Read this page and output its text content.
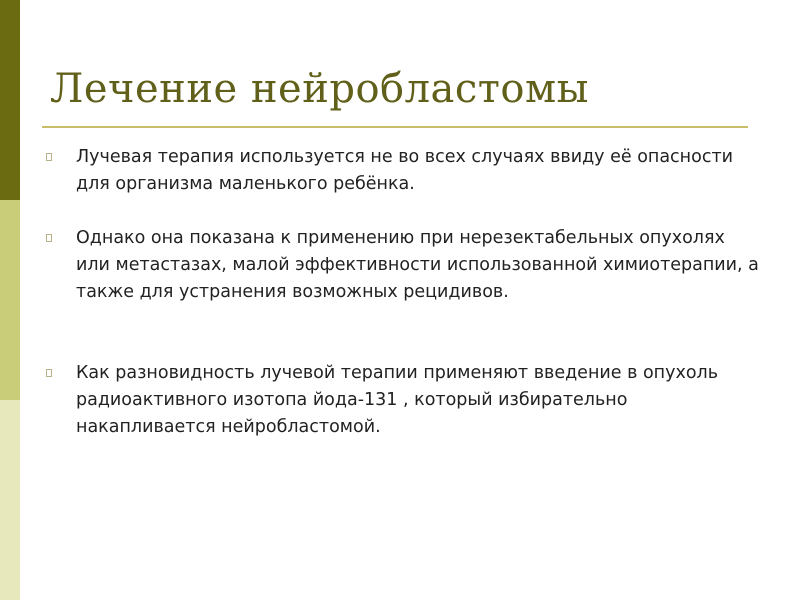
Лечение нейробластомы
Лучевая терапия используется не во всех случаях ввиду её опасности для организма маленького ребёнка.
Однако она показана к применению при нерезектабельных опухолях или метастазах, малой эффективности использованной химиотерапии, а также для устранения возможных рецидивов.
Как разновидность лучевой терапии применяют введение в опухоль радиоактивного изотопа йода-131 , который избирательно накапливается нейробластомой.
